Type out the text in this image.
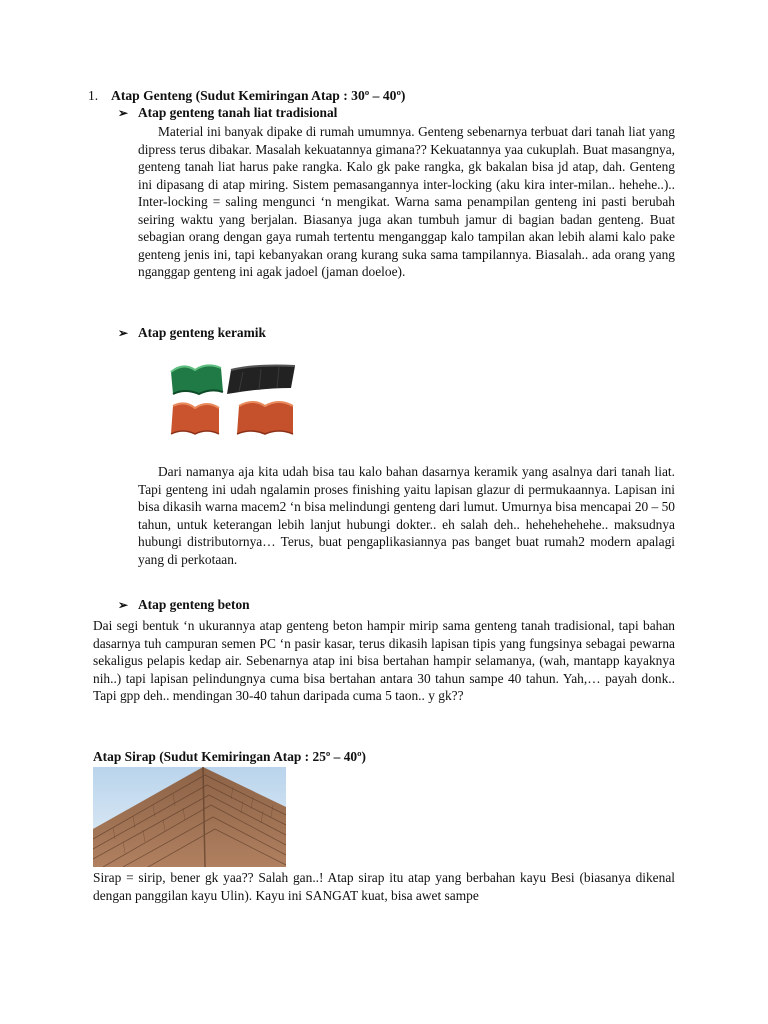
1. Atap Genteng (Sudut Kemiringan Atap : 30º – 40º)
➢ Atap genteng tanah liat tradisional
Material ini banyak dipake di rumah umumnya. Genteng sebenarnya terbuat dari tanah liat yang dipress terus dibakar. Masalah kekuatannya gimana?? Kekuatannya yaa cukuplah. Buat masangnya, genteng tanah liat harus pake rangka. Kalo gk pake rangka, gk bakalan bisa jd atap, dah. Genteng ini dipasang di atap miring. Sistem pemasangannya inter-locking (aku kira inter-milan.. hehehe..).. Inter-locking = saling mengunci ‘n mengikat. Warna sama penampilan genteng ini pasti berubah seiring waktu yang berjalan. Biasanya juga akan tumbuh jamur di bagian badan genteng. Buat sebagian orang dengan gaya rumah tertentu menganggap kalo tampilan akan lebih alami kalo pake genteng jenis ini, tapi kebanyakan orang kurang suka sama tampilannya. Biasalah.. ada orang yang nganggap genteng ini agak jadoel (jaman doeloe).
➢ Atap genteng keramik
Dari namanya aja kita udah bisa tau kalo bahan dasarnya keramik yang asalnya dari tanah liat. Tapi genteng ini udah ngalamin proses finishing yaitu lapisan glazur di permukaannya. Lapisan ini bisa dikasih warna macem2 ‘n bisa melindungi genteng dari lumut. Umurnya bisa mencapai 20 – 50 tahun, untuk keterangan lebih lanjut hubungi dokter.. eh salah deh.. hehehehehehe.. maksudnya hubungi distributornya… Terus, buat pengaplikasiannya pas banget buat rumah2 modern apalagi yang di perkotaan.
➢ Atap genteng beton
Dai segi bentuk ‘n ukurannya atap genteng beton hampir mirip sama genteng tanah tradisional, tapi bahan dasarnya tuh campuran semen PC ‘n pasir kasar, terus dikasih lapisan tipis yang fungsinya sebagai pewarna sekaligus pelapis kedap air. Sebenarnya atap ini bisa bertahan hampir selamanya, (wah, mantapp kayaknya nih..) tapi lapisan pelindungnya cuma bisa bertahan antara 30 tahun sampe 40 tahun. Yah,… payah donk.. Tapi gpp deh.. mendingan 30-40 tahun daripada cuma 5 taon.. y gk??
Atap Sirap (Sudut Kemiringan Atap : 25º – 40º)
Sirap = sirip, bener gk yaa?? Salah gan..! Atap sirap itu atap yang berbahan kayu Besi (biasanya dikenal dengan panggilan kayu Ulin). Kayu ini SANGAT kuat, bisa awet sampe
